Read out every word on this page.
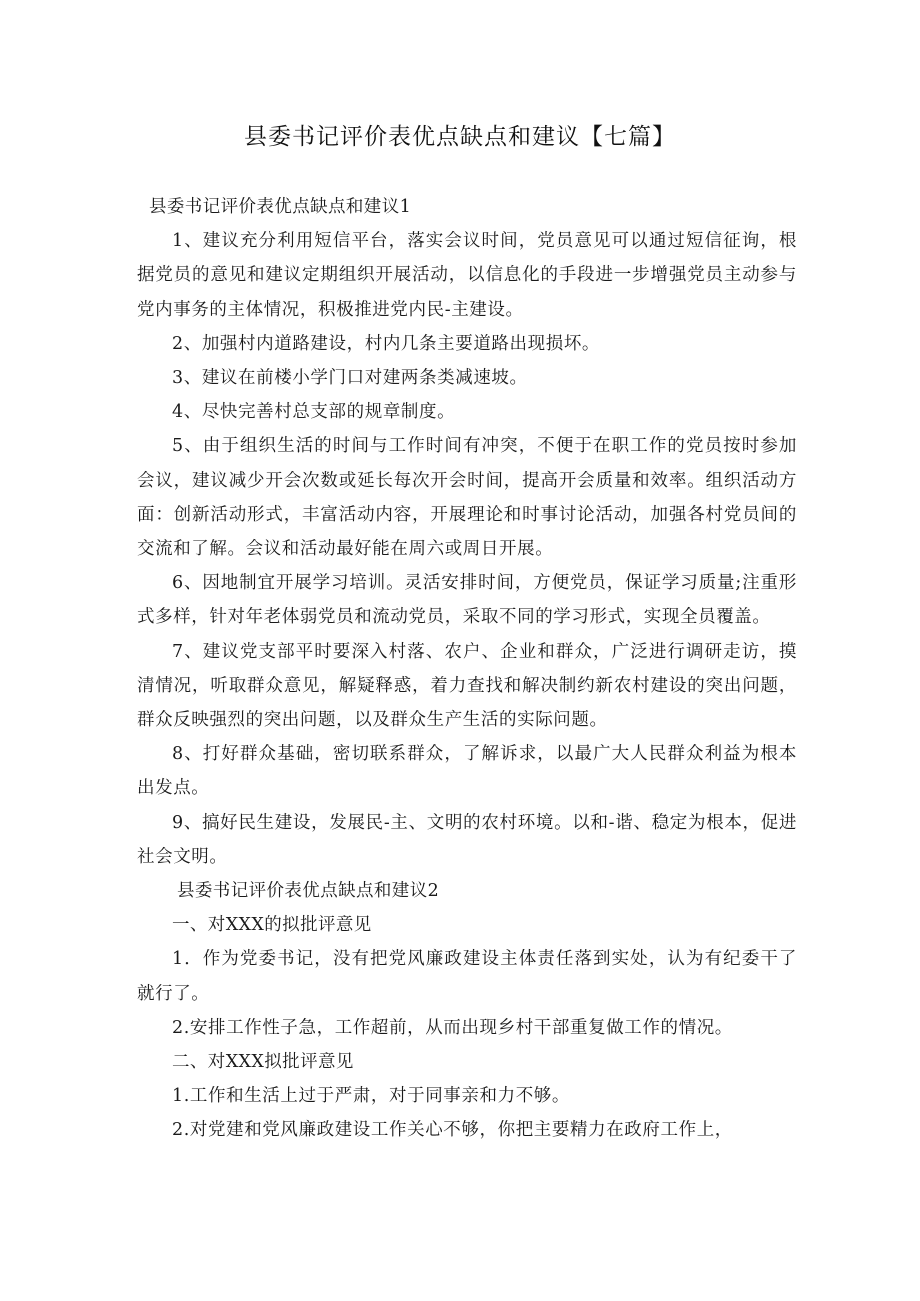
县委书记评价表优点缺点和建议【七篇】

县委书记评价表优点缺点和建议1

1、建议充分利用短信平台，落实会议时间，党员意见可以通过短信征询，根据党员的意见和建议定期组织开展活动，以信息化的手段进一步增强党员主动参与党内事务的主体情况，积极推进党内民-主建设。

2、加强村内道路建设，村内几条主要道路出现损坏。

3、建议在前楼小学门口对建两条类减速坡。

4、尽快完善村总支部的规章制度。

5、由于组织生活的时间与工作时间有冲突，不便于在职工作的党员按时参加会议，建议减少开会次数或延长每次开会时间，提高开会质量和效率。组织活动方面：创新活动形式，丰富活动内容，开展理论和时事讨论活动，加强各村党员间的交流和了解。会议和活动最好能在周六或周日开展。

6、因地制宜开展学习培训。灵活安排时间，方便党员，保证学习质量;注重形式多样，针对年老体弱党员和流动党员，采取不同的学习形式，实现全员覆盖。

7、建议党支部平时要深入村落、农户、企业和群众，广泛进行调研走访，摸清情况，听取群众意见，解疑释惑，着力查找和解决制约新农村建设的突出问题，群众反映强烈的突出问题，以及群众生产生活的实际问题。

8、打好群众基础，密切联系群众，了解诉求，以最广大人民群众利益为根本出发点。

9、搞好民生建设，发展民-主、文明的农村环境。以和-谐、稳定为根本，促进社会文明。

县委书记评价表优点缺点和建议2

一、对XXX的拟批评意见

1．作为党委书记，没有把党风廉政建设主体责任落到实处，认为有纪委干了就行了。

2.安排工作性子急，工作超前，从而出现乡村干部重复做工作的情况。

二、对XXX拟批评意见

1.工作和生活上过于严肃，对于同事亲和力不够。

2.对党建和党风廉政建设工作关心不够，你把主要精力在政府工作上，
